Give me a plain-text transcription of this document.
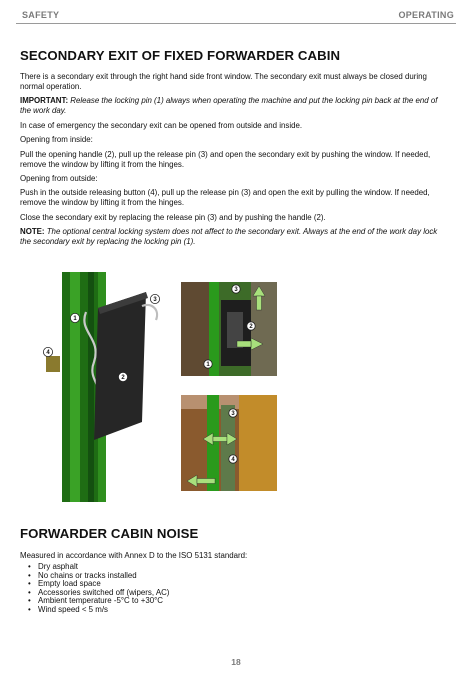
SAFETY	OPERATING
SECONDARY EXIT OF FIXED FORWARDER CABIN

There is a secondary exit through the right hand side front window. The secondary exit must always be closed during normal operation.

IMPORTANT: Release the locking pin (1) always when operating the machine and put the locking pin back at the end of the work day.

In case of emergency the secondary exit can be opened from outside and inside.

Opening from inside:

Pull the opening handle (2), pull up the release pin (3) and open the secondary exit by pushing the window. If needed, remove the window by lifting it from the hinges.

Opening from outside:

Push in the outside releasing button (4), pull up the release pin (3) and open the exit by pulling the window. If needed, remove the window by lifting it from the hinges.

Close the secondary exit by replacing the release pin (3) and by pushing the handle (2).

NOTE: The optional central locking system does not affect to the secondary exit. Always at the end of the work day lock the secondary exit by replacing the locking pin (1).

1
2
3
4
3
2
1
3
4
FORWARDER CABIN NOISE
Measured in accordance with Annex D to the ISO 5131 standard:
• Dry asphalt
• No chains or tracks installed
• Empty load space
• Accessories switched off (wipers, AC)
• Ambient temperature -5°C to +30°C
• Wind speed < 5 m/s
18
